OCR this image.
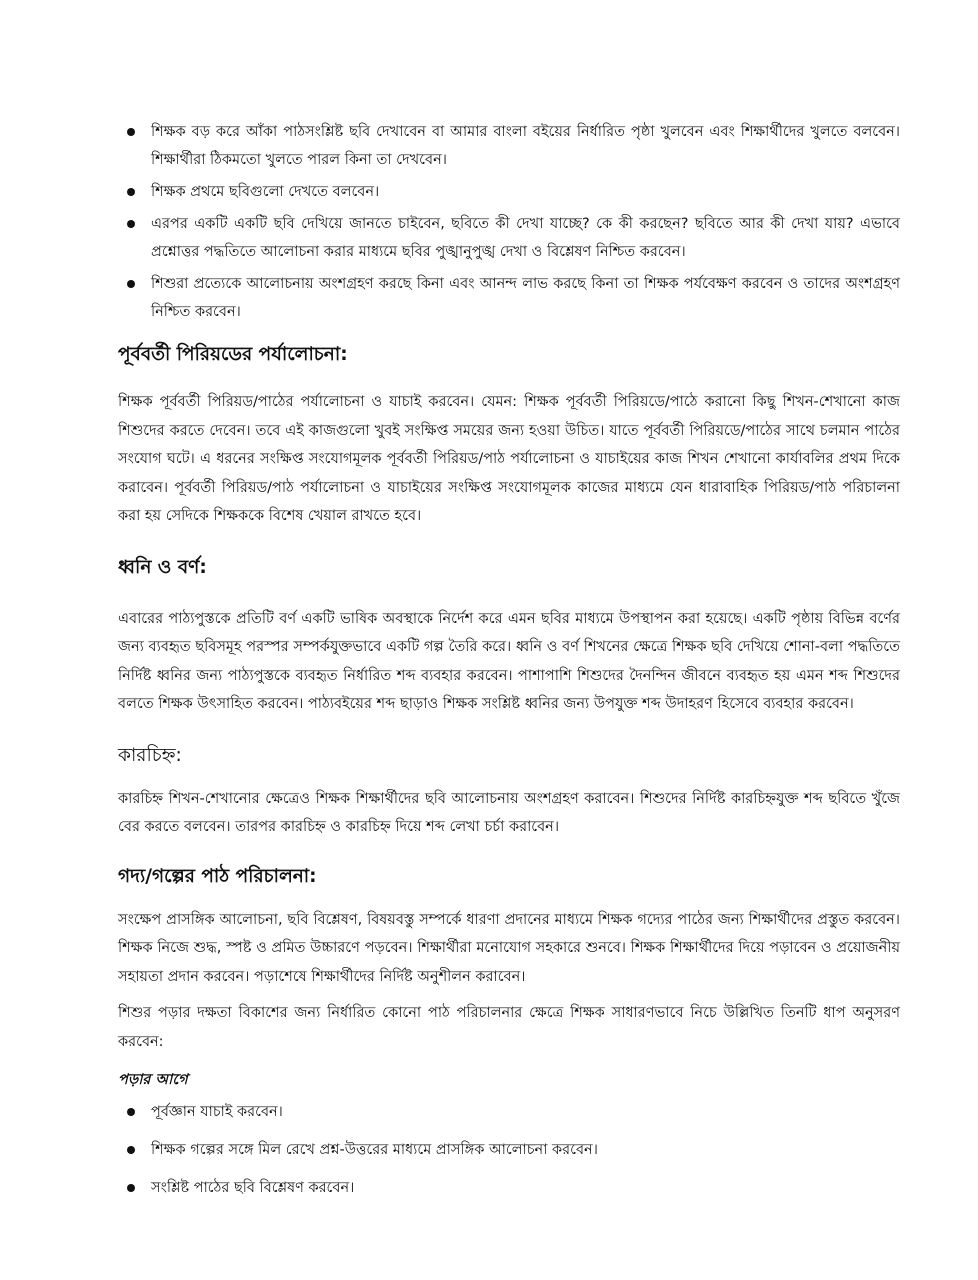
শিক্ষক বড় করে আঁকা পাঠসংশ্লিষ্ট ছবি দেখাবেন বা আমার বাংলা বইয়ের নির্ধারিত পৃষ্ঠা খুলবেন এবং শিক্ষার্থীদের খুলতে বলবেন। শিক্ষার্থীরা ঠিকমতো খুলতে পারল কিনা তা দেখবেন।
শিক্ষক প্রথমে ছবিগুলো দেখতে বলবেন।
এরপর একটি একটি ছবি দেখিয়ে জানতে চাইবেন, ছবিতে কী দেখা যাচ্ছে? কে কী করছেন? ছবিতে আর কী দেখা যায়? এভাবে প্রশ্নোত্তর পদ্ধতিতে আলোচনা করার মাধ্যমে ছবির পুঙ্খানুপুঙ্খ দেখা ও বিশ্লেষণ নিশ্চিত করবেন।
শিশুরা প্রত্যেকে আলোচনায় অংশগ্রহণ করছে কিনা এবং আনন্দ লাভ করছে কিনা তা শিক্ষক পর্যবেক্ষণ করবেন ও তাদের অংশগ্রহণ নিশ্চিত করবেন।
পূর্ববর্তী পিরিয়ডের পর্যালোচনা:

শিক্ষক পূর্ববর্তী পিরিয়ড/পাঠের পর্যালোচনা ও যাচাই করবেন। যেমন: শিক্ষক পূর্ববর্তী পিরিয়ডে/পাঠে করানো কিছু শিখন-শেখানো কাজ শিশুদের করতে দেবেন। তবে এই কাজগুলো খুবই সংক্ষিপ্ত সময়ের জন্য হওয়া উচিত। যাতে পূর্ববর্তী পিরিয়ডে/পাঠের সাথে চলমান পাঠের সংযোগ ঘটে। এ ধরনের সংক্ষিপ্ত সংযোগমূলক পূর্ববর্তী পিরিয়ড/পাঠ পর্যালোচনা ও যাচাইয়ের কাজ শিখন শেখানো কার্যাবলির প্রথম দিকে করাবেন। পূর্ববর্তী পিরিয়ড/পাঠ পর্যালোচনা ও যাচাইয়ের সংক্ষিপ্ত সংযোগমূলক কাজের মাধ্যমে যেন ধারাবাহিক পিরিয়ড/পাঠ পরিচালনা করা হয় সেদিকে শিক্ষককে বিশেষ খেয়াল রাখতে হবে।

ধ্বনি ও বর্ণ:

এবারের পাঠ্যপুস্তকে প্রতিটি বর্ণ একটি ভাষিক অবস্থাকে নির্দেশ করে এমন ছবির মাধ্যমে উপস্থাপন করা হয়েছে। একটি পৃষ্ঠায় বিভিন্ন বর্ণের জন্য ব্যবহৃত ছবিসমূহ পরস্পর সম্পর্কযুক্তভাবে একটি গল্প তৈরি করে। ধ্বনি ও বর্ণ শিখনের ক্ষেত্রে শিক্ষক ছবি দেখিয়ে শোনা-বলা পদ্ধতিতে নির্দিষ্ট ধ্বনির জন্য পাঠ্যপুস্তকে ব্যবহৃত নির্ধারিত শব্দ ব্যবহার করবেন। পাশাপাশি শিশুদের দৈনন্দিন জীবনে ব্যবহৃত হয় এমন শব্দ শিশুদের বলতে শিক্ষক উৎসাহিত করবেন। পাঠ্যবইয়ের শব্দ ছাড়াও শিক্ষক সংশ্লিষ্ট ধ্বনির জন্য উপযুক্ত শব্দ উদাহরণ হিসেবে ব্যবহার করবেন।

কারচিহ্ন:

কারচিহ্ন শিখন-শেখানোর ক্ষেত্রেও শিক্ষক শিক্ষার্থীদের ছবি আলোচনায় অংশগ্রহণ করাবেন। শিশুদের নির্দিষ্ট কারচিহ্নযুক্ত শব্দ ছবিতে খুঁজে বের করতে বলবেন। তারপর কারচিহ্ন ও কারচিহ্ন দিয়ে শব্দ লেখা চর্চা করাবেন।

গদ্য/গল্পের পাঠ পরিচালনা:

সংক্ষেপ প্রাসঙ্গিক আলোচনা, ছবি বিশ্লেষণ, বিষয়বস্তু সম্পর্কে ধারণা প্রদানের মাধ্যমে শিক্ষক গদ্যের পাঠের জন্য শিক্ষার্থীদের প্রস্তুত করবেন। শিক্ষক নিজে শুদ্ধ, স্পষ্ট ও প্রমিত উচ্চারণে পড়বেন। শিক্ষার্থীরা মনোযোগ সহকারে শুনবে। শিক্ষক শিক্ষার্থীদের দিয়ে পড়াবেন ও প্রয়োজনীয় সহায়তা প্রদান করবেন। পড়াশেষে শিক্ষার্থীদের নির্দিষ্ট অনুশীলন করাবেন।

শিশুর পড়ার দক্ষতা বিকাশের জন্য নির্ধারিত কোনো পাঠ পরিচালনার ক্ষেত্রে শিক্ষক সাধারণভাবে নিচে উল্লিখিত তিনটি ধাপ অনুসরণ করবেন:

পড়ার আগে

পূর্বজ্ঞান যাচাই করবেন।
শিক্ষক গল্পের সঙ্গে মিল রেখে প্রশ্ন-উত্তরের মাধ্যমে প্রাসঙ্গিক আলোচনা করবেন।
সংশ্লিষ্ট পাঠের ছবি বিশ্লেষণ করবেন।
